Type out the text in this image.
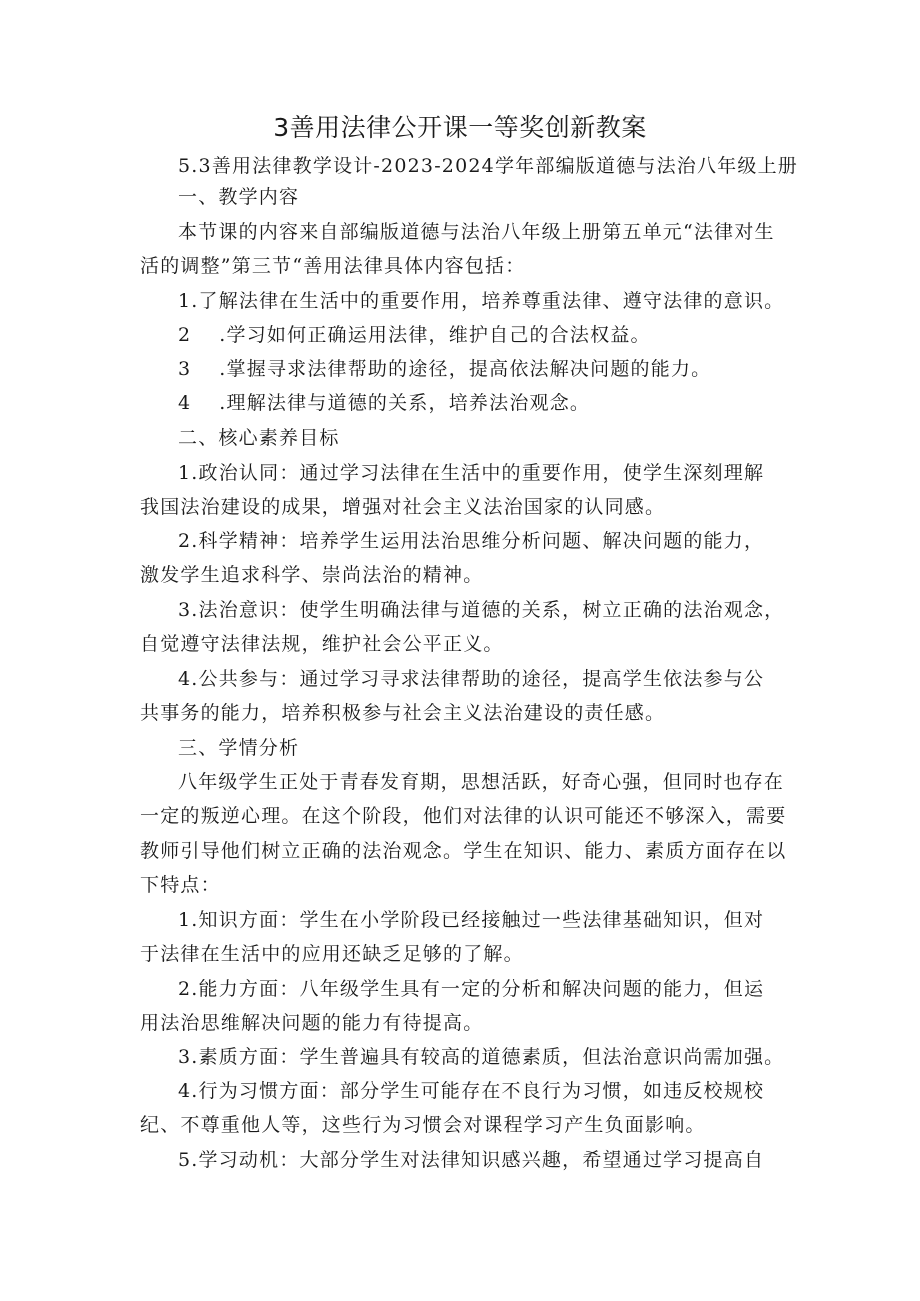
3善用法律公开课一等奖创新教案
5.3善用法律教学设计-2023-2024学年部编版道德与法治八年级上册
一、教学内容
本节课的内容来自部编版道德与法治八年级上册第五单元“法律对生
活的调整”第三节“善用法律具体内容包括：
1.了解法律在生活中的重要作用，培养尊重法律、遵守法律的意识。
2 .学习如何正确运用法律，维护自己的合法权益。
3 .掌握寻求法律帮助的途径，提高依法解决问题的能力。
4 .理解法律与道德的关系，培养法治观念。
二、核心素养目标
1.政治认同：通过学习法律在生活中的重要作用，使学生深刻理解
我国法治建设的成果，增强对社会主义法治国家的认同感。
2.科学精神：培养学生运用法治思维分析问题、解决问题的能力，
激发学生追求科学、崇尚法治的精神。
3.法治意识：使学生明确法律与道德的关系，树立正确的法治观念，
自觉遵守法律法规，维护社会公平正义。
4.公共参与：通过学习寻求法律帮助的途径，提高学生依法参与公
共事务的能力，培养积极参与社会主义法治建设的责任感。
三、学情分析
八年级学生正处于青春发育期，思想活跃，好奇心强，但同时也存在
一定的叛逆心理。在这个阶段，他们对法律的认识可能还不够深入，需要
教师引导他们树立正确的法治观念。学生在知识、能力、素质方面存在以
下特点：
1.知识方面：学生在小学阶段已经接触过一些法律基础知识，但对
于法律在生活中的应用还缺乏足够的了解。
2.能力方面：八年级学生具有一定的分析和解决问题的能力，但运
用法治思维解决问题的能力有待提高。
3.素质方面：学生普遍具有较高的道德素质，但法治意识尚需加强。
4.行为习惯方面：部分学生可能存在不良行为习惯，如违反校规校
纪、不尊重他人等，这些行为习惯会对课程学习产生负面影响。
5.学习动机：大部分学生对法律知识感兴趣，希望通过学习提高自
